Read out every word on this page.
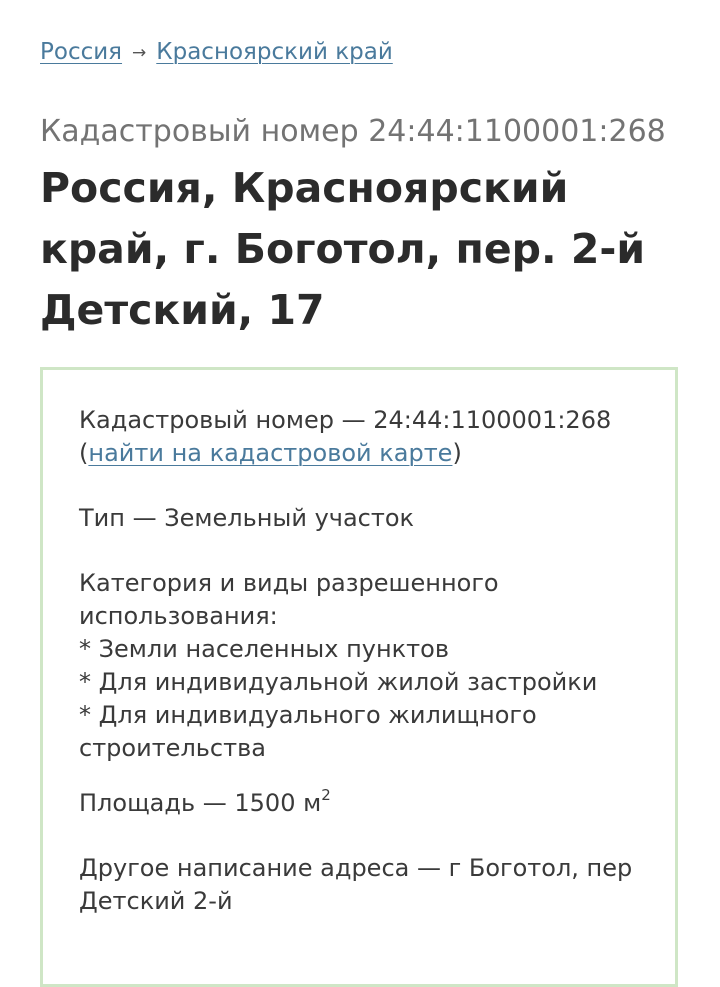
Россия → Красноярский край
Кадастровый номер 24:44:1100001:268
Россия, Красноярский край, г. Боготол, пер. 2-й Детский, 17

Кадастровый номер — 24:44:1100001:268

(найти на кадастровой карте)

Тип — Земельный участок

Категория и виды разрешенного использования:

* Земли населенных пунктов

* Для индивидуальной жилой застройки

* Для индивидуального жилищного строительства

Площадь — 1500 $м^2$

Другое написание адреса — г Боготол, пер Детский 2-й
